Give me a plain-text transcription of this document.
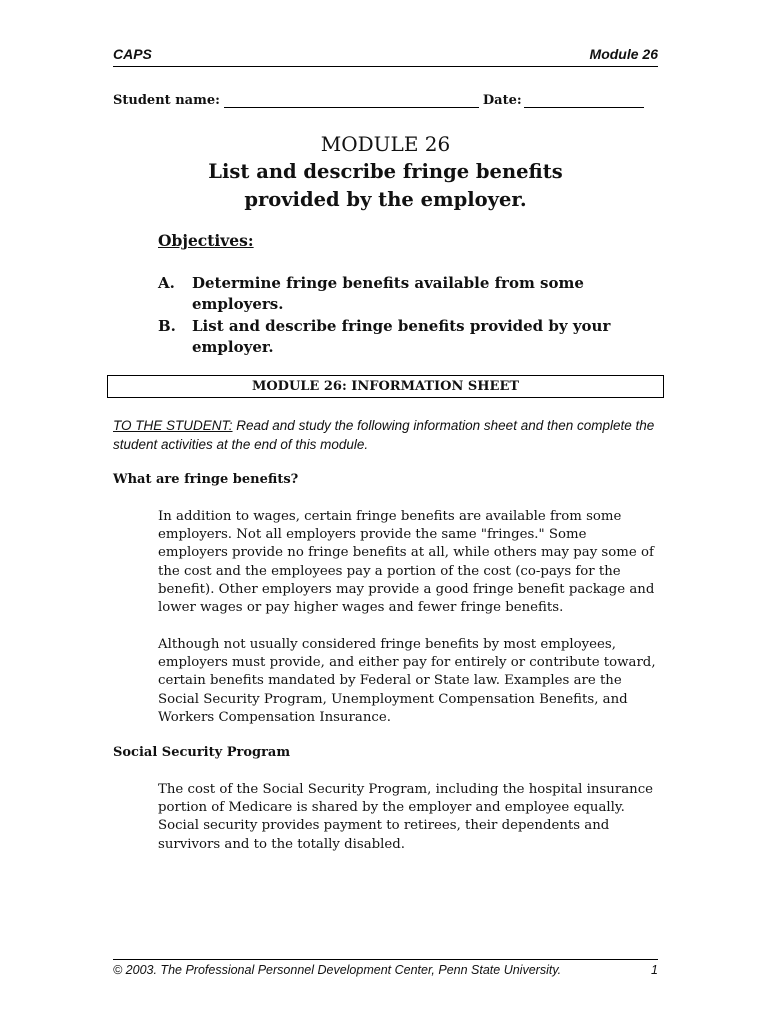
CAPS	Module 26
Student name:	Date:
MODULE 26
List and describe fringe benefits
provided by the employer.
Objectives:
A. Determine fringe benefits available from some employers.
B. List and describe fringe benefits provided by your employer.
MODULE 26: INFORMATION SHEET
TO THE STUDENT: Read and study the following information sheet and then complete the student activities at the end of this module.
What are fringe benefits?
In addition to wages, certain fringe benefits are available from some employers. Not all employers provide the same "fringes." Some employers provide no fringe benefits at all, while others may pay some of the cost and the employees pay a portion of the cost (co-pays for the benefit). Other employers may provide a good fringe benefit package and lower wages or pay higher wages and fewer fringe benefits.
Although not usually considered fringe benefits by most employees, employers must provide, and either pay for entirely or contribute toward, certain benefits mandated by Federal or State law. Examples are the Social Security Program, Unemployment Compensation Benefits, and Workers Compensation Insurance.
Social Security Program
The cost of the Social Security Program, including the hospital insurance portion of Medicare is shared by the employer and employee equally. Social security provides payment to retirees, their dependents and survivors and to the totally disabled.
© 2003. The Professional Personnel Development Center, Penn State University.	1
